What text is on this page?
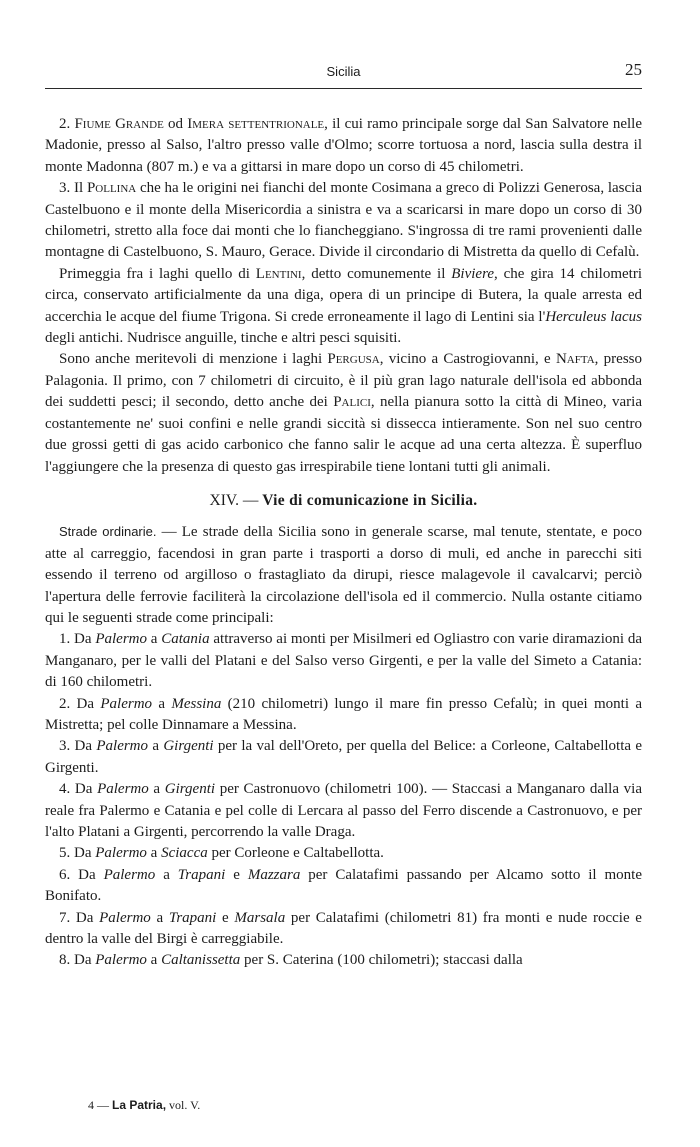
Sicilia	25

2. Fiume Grande od Imera settentrionale, il cui ramo principale sorge dal San Salvatore nelle Madonie, presso al Salso, l'altro presso valle d'Olmo; scorre tortuosa a nord, lascia sulla destra il monte Madonna (807 m.) e va a gittarsi in mare dopo un corso di 45 chilometri.

3. Il Pollina che ha le origini nei fianchi del monte Cosimana a greco di Polizzi Generosa, lascia Castelbuono e il monte della Misericordia a sinistra e va a scaricarsi in mare dopo un corso di 30 chilometri, stretto alla foce dai monti che lo fiancheggiano. S'ingrossa di tre rami provenienti dalle montagne di Castelbuono, S. Mauro, Gerace. Divide il circondario di Mistretta da quello di Cefalù.

Primeggia fra i laghi quello di Lentini, detto comunemente il Biviere, che gira 14 chilometri circa, conservato artificialmente da una diga, opera di un principe di Butera, la quale arresta ed accerchia le acque del fiume Trigona. Si crede erroneamente il lago di Lentini sia l'Herculeus lacus degli antichi. Nudrisce anguille, tinche e altri pesci squisiti.

Sono anche meritevoli di menzione i laghi Pergusa, vicino a Castrogiovanni, e Nafta, presso Palagonia. Il primo, con 7 chilometri di circuito, è il più gran lago naturale dell'isola ed abbonda dei suddetti pesci; il secondo, detto anche dei Palici, nella pianura sotto la città di Mineo, varia costantemente ne' suoi confini e nelle grandi siccità si dissecca intieramente. Son nel suo centro due grossi getti di gas acido carbonico che fanno salir le acque ad una certa altezza. È superfluo l'aggiungere che la presenza di questo gas irrespirabile tiene lontani tutti gli animali.

XIV. — Vie di comunicazione in Sicilia.

Strade ordinarie. — Le strade della Sicilia sono in generale scarse, mal tenute, stentate, e poco atte al carreggio, facendosi in gran parte i trasporti a dorso di muli, ed anche in parecchi siti essendo il terreno od argilloso o frastagliato da dirupi, riesce malagevole il cavalcarvi; perciò l'apertura delle ferrovie faciliterà la circolazione dell'isola ed il commercio. Nulla ostante citiamo qui le seguenti strade come principali:

1. Da Palermo a Catania attraverso ai monti per Misilmeri ed Ogliastro con varie diramazioni da Manganaro, per le valli del Platani e del Salso verso Girgenti, e per la valle del Simeto a Catania: di 160 chilometri.

2. Da Palermo a Messina (210 chilometri) lungo il mare fin presso Cefalù; in quei monti a Mistretta; pel colle Dinnamare a Messina.

3. Da Palermo a Girgenti per la val dell'Oreto, per quella del Belice: a Corleone, Caltabellotta e Girgenti.

4. Da Palermo a Girgenti per Castronuovo (chilometri 100). — Staccasi a Manganaro dalla via reale fra Palermo e Catania e pel colle di Lercara al passo del Ferro discende a Castronuovo, e per l'alto Platani a Girgenti, percorrendo la valle Draga.

5. Da Palermo a Sciacca per Corleone e Caltabellotta.

6. Da Palermo a Trapani e Mazzara per Calatafimi passando per Alcamo sotto il monte Bonifato.

7. Da Palermo a Trapani e Marsala per Calatafimi (chilometri 81) fra monti e nude roccie e dentro la valle del Birgi è carreggiabile.

8. Da Palermo a Caltanissetta per S. Caterina (100 chilometri); staccasi dalla

4 — La Patria, vol. V.
